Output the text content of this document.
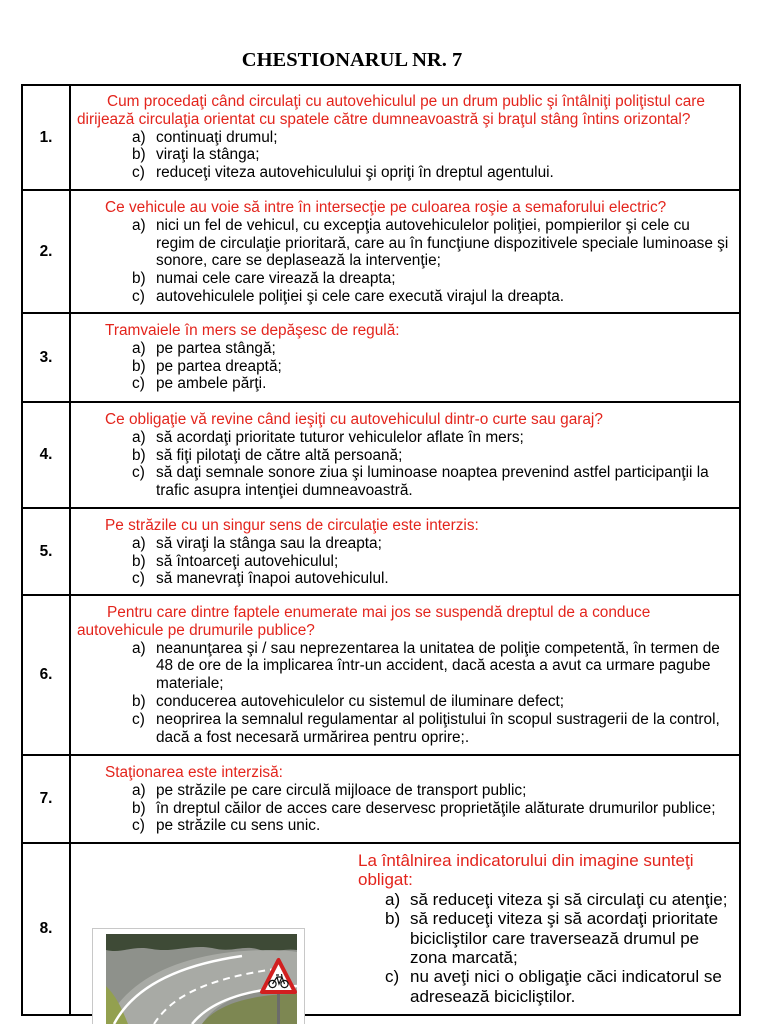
CHESTIONARUL NR. 7
1.
Cum procedaţi când circulaţi cu autovehiculul pe un drum public şi întâlniţi poliţistul care
dirijează circulaţia orientat cu spatele către dumneavoastră şi braţul stâng întins orizontal?
a) continuaţi drumul;
b) viraţi la stânga;
c) reduceţi viteza autovehiculului şi opriţi în dreptul agentului.
2.
Ce vehicule au voie să intre în intersecţie pe culoarea roşie a semaforului electric?
a) nici un fel de vehicul, cu excepţia autovehiculelor poliţiei, pompierilor şi cele cu
regim de circulaţie prioritară, care au în funcţiune dispozitivele speciale luminoase şi
sonore, care se deplasează la intervenţie;
b) numai cele care virează la dreapta;
c) autovehiculele poliţiei şi cele care execută virajul la dreapta.
3.
Tramvaiele în mers se depăşesc de regulă:
a) pe partea stângă;
b) pe partea dreaptă;
c) pe ambele părţi.
4.
Ce obligaţie vă revine când ieşiţi cu autovehiculul dintr-o curte sau garaj?
a) să acordaţi prioritate tuturor vehiculelor aflate în mers;
b) să fiţi pilotaţi de către altă persoană;
c) să daţi semnale sonore ziua şi luminoase noaptea prevenind astfel participanţii la
trafic asupra intenţiei dumneavoastră.
5.
Pe străzile cu un singur sens de circulaţie este interzis:
a) să viraţi la stânga sau la dreapta;
b) să întoarceţi autovehiculul;
c) să manevraţi înapoi autovehiculul.
6.
Pentru care dintre faptele enumerate mai jos se suspendă dreptul de a conduce
autovehicule pe drumurile publice?
a) neanunţarea şi / sau neprezentarea la unitatea de poliţie competentă, în termen de
48 de ore de la implicarea într-un accident, dacă acesta a avut ca urmare pagube
materiale;
b) conducerea autovehiculelor cu sistemul de iluminare defect;
c) neoprirea la semnalul regulamentar al poliţistului în scopul sustragerii de la control,
dacă a fost necesară urmărirea pentru oprire;.
7.
Staţionarea este interzisă:
a) pe străzile pe care circulă mijloace de transport public;
b) în dreptul căilor de acces care deservesc proprietăţile alăturate drumurilor publice;
c) pe străzile cu sens unic.
8.
La întâlnirea indicatorului din imagine sunteţi
obligat:
a) să reduceţi viteza şi să circulaţi cu atenţie;
b) să reduceţi viteza şi să acordaţi prioritate
bicicliştilor care traversează drumul pe
zona marcată;
c) nu aveţi nici o obligaţie căci indicatorul se
adresează bicicliştilor.
